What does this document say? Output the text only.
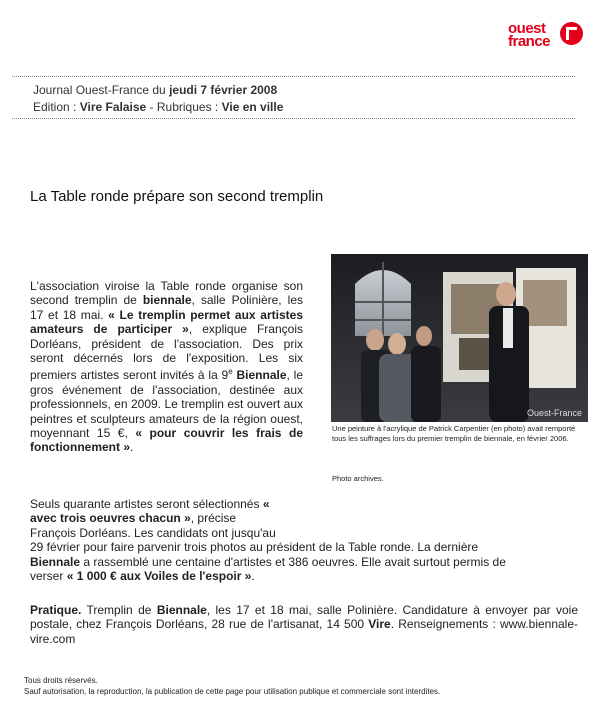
ouest
france
Journal Ouest-France du jeudi 7 février 2008
Edition : Vire Falaise - Rubriques : Vie en ville
La Table ronde prépare son second tremplin
Ouest-France
Une peinture à l'acrylique de Patrick Carpentier (en photo) avait remporté tous les suffrages lors du premier tremplin de biennale, en février 2006.
Photo archives.

L'association viroise la Table ronde organise son second tremplin de biennale, salle Polinière, les 17 et 18 mai. « Le tremplin permet aux artistes amateurs de participer », explique François Dorléans, président de l'association. Des prix seront décernés lors de l'exposition. Les six premiers artistes seront invités à la 9e Biennale, le gros événement de l'association, destinée aux professionnels, en 2009. Le tremplin est ouvert aux peintres et sculpteurs amateurs de la région ouest, moyennant 15 €, « pour couvrir les frais de fonctionnement ».

Seuls quarante artistes seront sélectionnés «
avec trois oeuvres chacun », précise
François Dorléans. Les candidats ont jusqu'au
29 février pour faire parvenir trois photos au président de la Table ronde. La dernière
Biennale a rassemblé une centaine d'artistes et 386 oeuvres. Elle avait surtout permis de
verser « 1 000 € aux Voiles de l'espoir ».

Pratique. Tremplin de Biennale, les 17 et 18 mai, salle Polinière. Candidature à envoyer par voie postale, chez François Dorléans, 28 rue de l'artisanat, 14 500 Vire. Renseignements : www.biennale-vire.com

Tous droits réservés.
Sauf autorisation, la reproduction, la publication de cette page pour utilisation publique et commerciale sont interdites.
